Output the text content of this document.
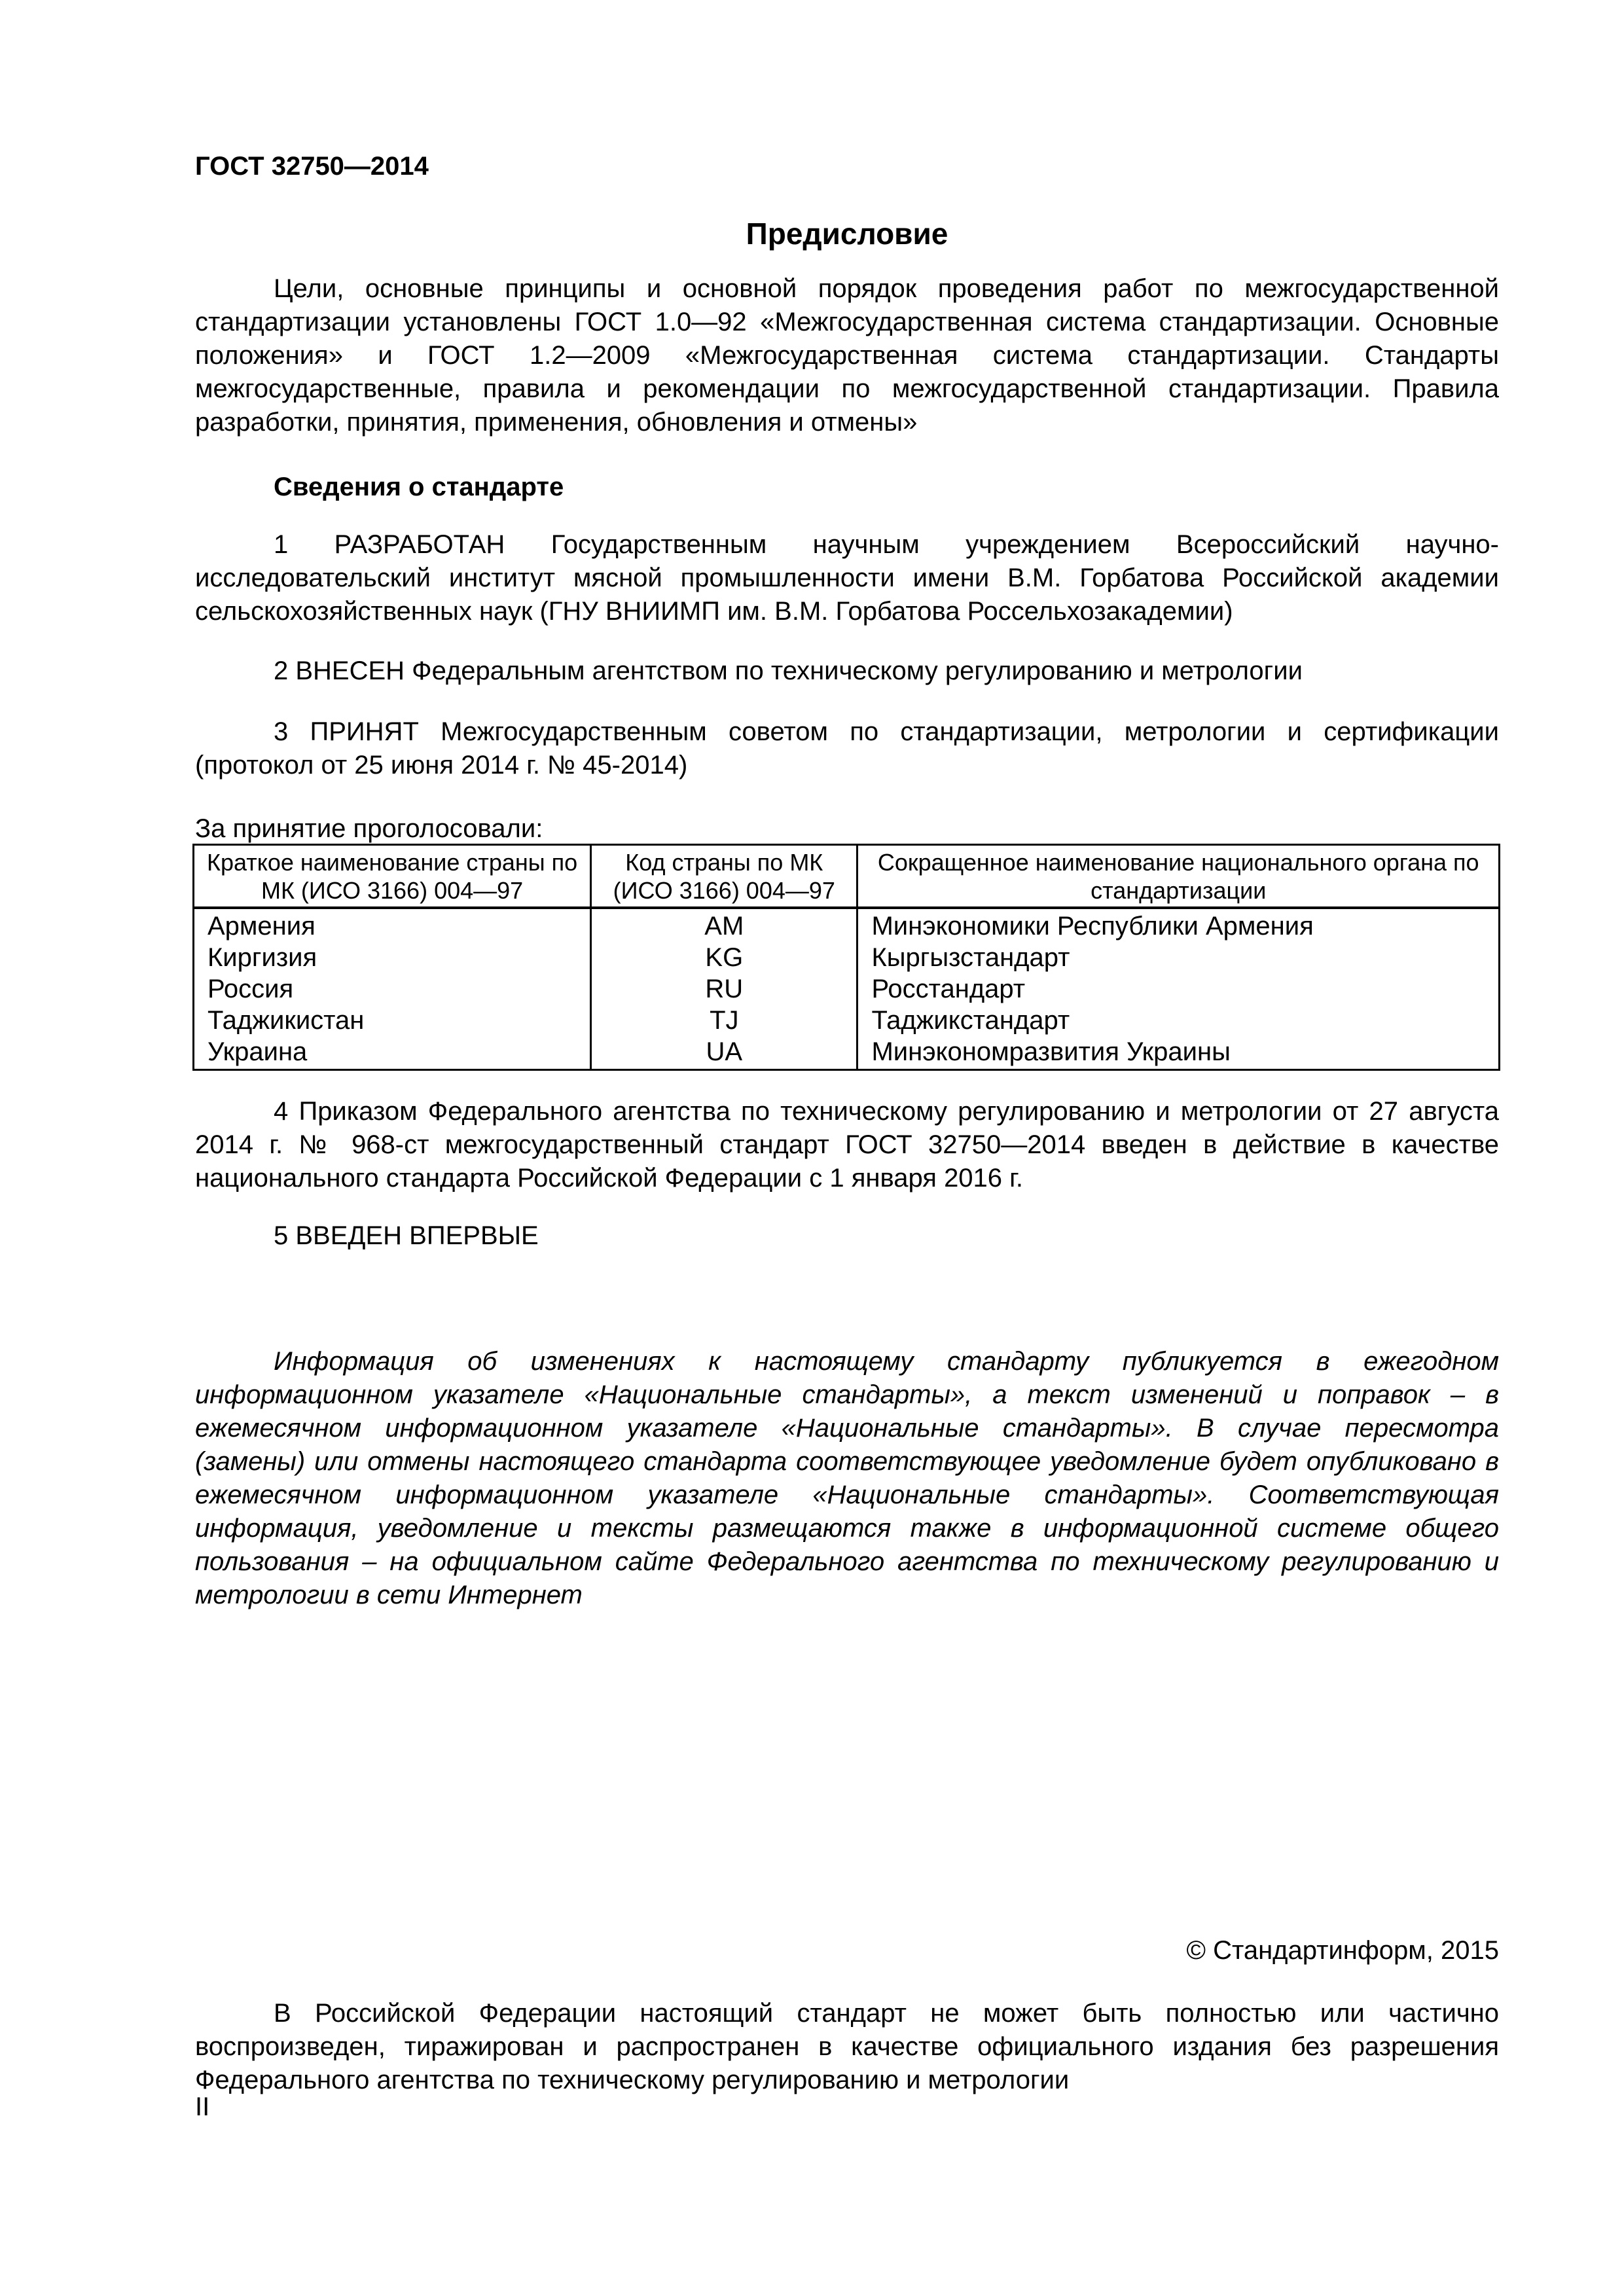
ГОСТ 32750—2014
Предисловие

Цели, основные принципы и основной порядок проведения работ по межгосударственной стандартизации установлены ГОСТ 1.0—92 «Межгосударственная система стандартизации. Основные положения» и ГОСТ 1.2—2009 «Межгосударственная система стандартизации. Стандарты межгосударственные, правила и рекомендации по межгосударственной стандартизации. Правила разработки, принятия, применения, обновления и отмены»

Сведения о стандарте

1 РАЗРАБОТАН Государственным научным учреждением Всероссийский научно-исследовательский институт мясной промышленности имени В.М. Горбатова Российской академии сельскохозяйственных наук (ГНУ ВНИИМП им. В.М. Горбатова Россельхозакадемии)

2 ВНЕСЕН Федеральным агентством по техническому регулированию и метрологии

3 ПРИНЯТ Межгосударственным советом по стандартизации, метрологии и сертификации (протокол от 25 июня 2014 г. № 45-2014)

За принятие проголосовали:
Краткое наименование страны по МК (ИСО 3166) 004—97	Код страны по МК (ИСО 3166) 004—97	Сокращенное наименование национального органа по стандартизации
Армения	AM	Минэкономики Республики Армения
Киргизия	KG	Кыргызстандарт
Россия	RU	Росстандарт
Таджикистан	TJ	Таджикстандарт
Украина	UA	Минэкономразвития Украины

4 Приказом Федерального агентства по техническому регулированию и метрологии от 27 августа 2014 г. № 968-ст межгосударственный стандарт ГОСТ 32750—2014 введен в действие в качестве национального стандарта Российской Федерации с 1 января 2016 г.

5 ВВЕДЕН ВПЕРВЫЕ

Информация об изменениях к настоящему стандарту публикуется в ежегодном информационном указателе «Национальные стандарты», а текст изменений и поправок – в ежемесячном информационном указателе «Национальные стандарты». В случае пересмотра (замены) или отмены настоящего стандарта соответствующее уведомление будет опубликовано в ежемесячном информационном указателе «Национальные стандарты». Соответствующая информация, уведомление и тексты размещаются также в информационной системе общего пользования – на официальном сайте Федерального агентства по техническому регулированию и метрологии в сети Интернет

© Стандартинформ, 2015

В Российской Федерации настоящий стандарт не может быть полностью или частично воспроизведен, тиражирован и распространен в качестве официального издания без разрешения Федерального агентства по техническому регулированию и метрологии

II
